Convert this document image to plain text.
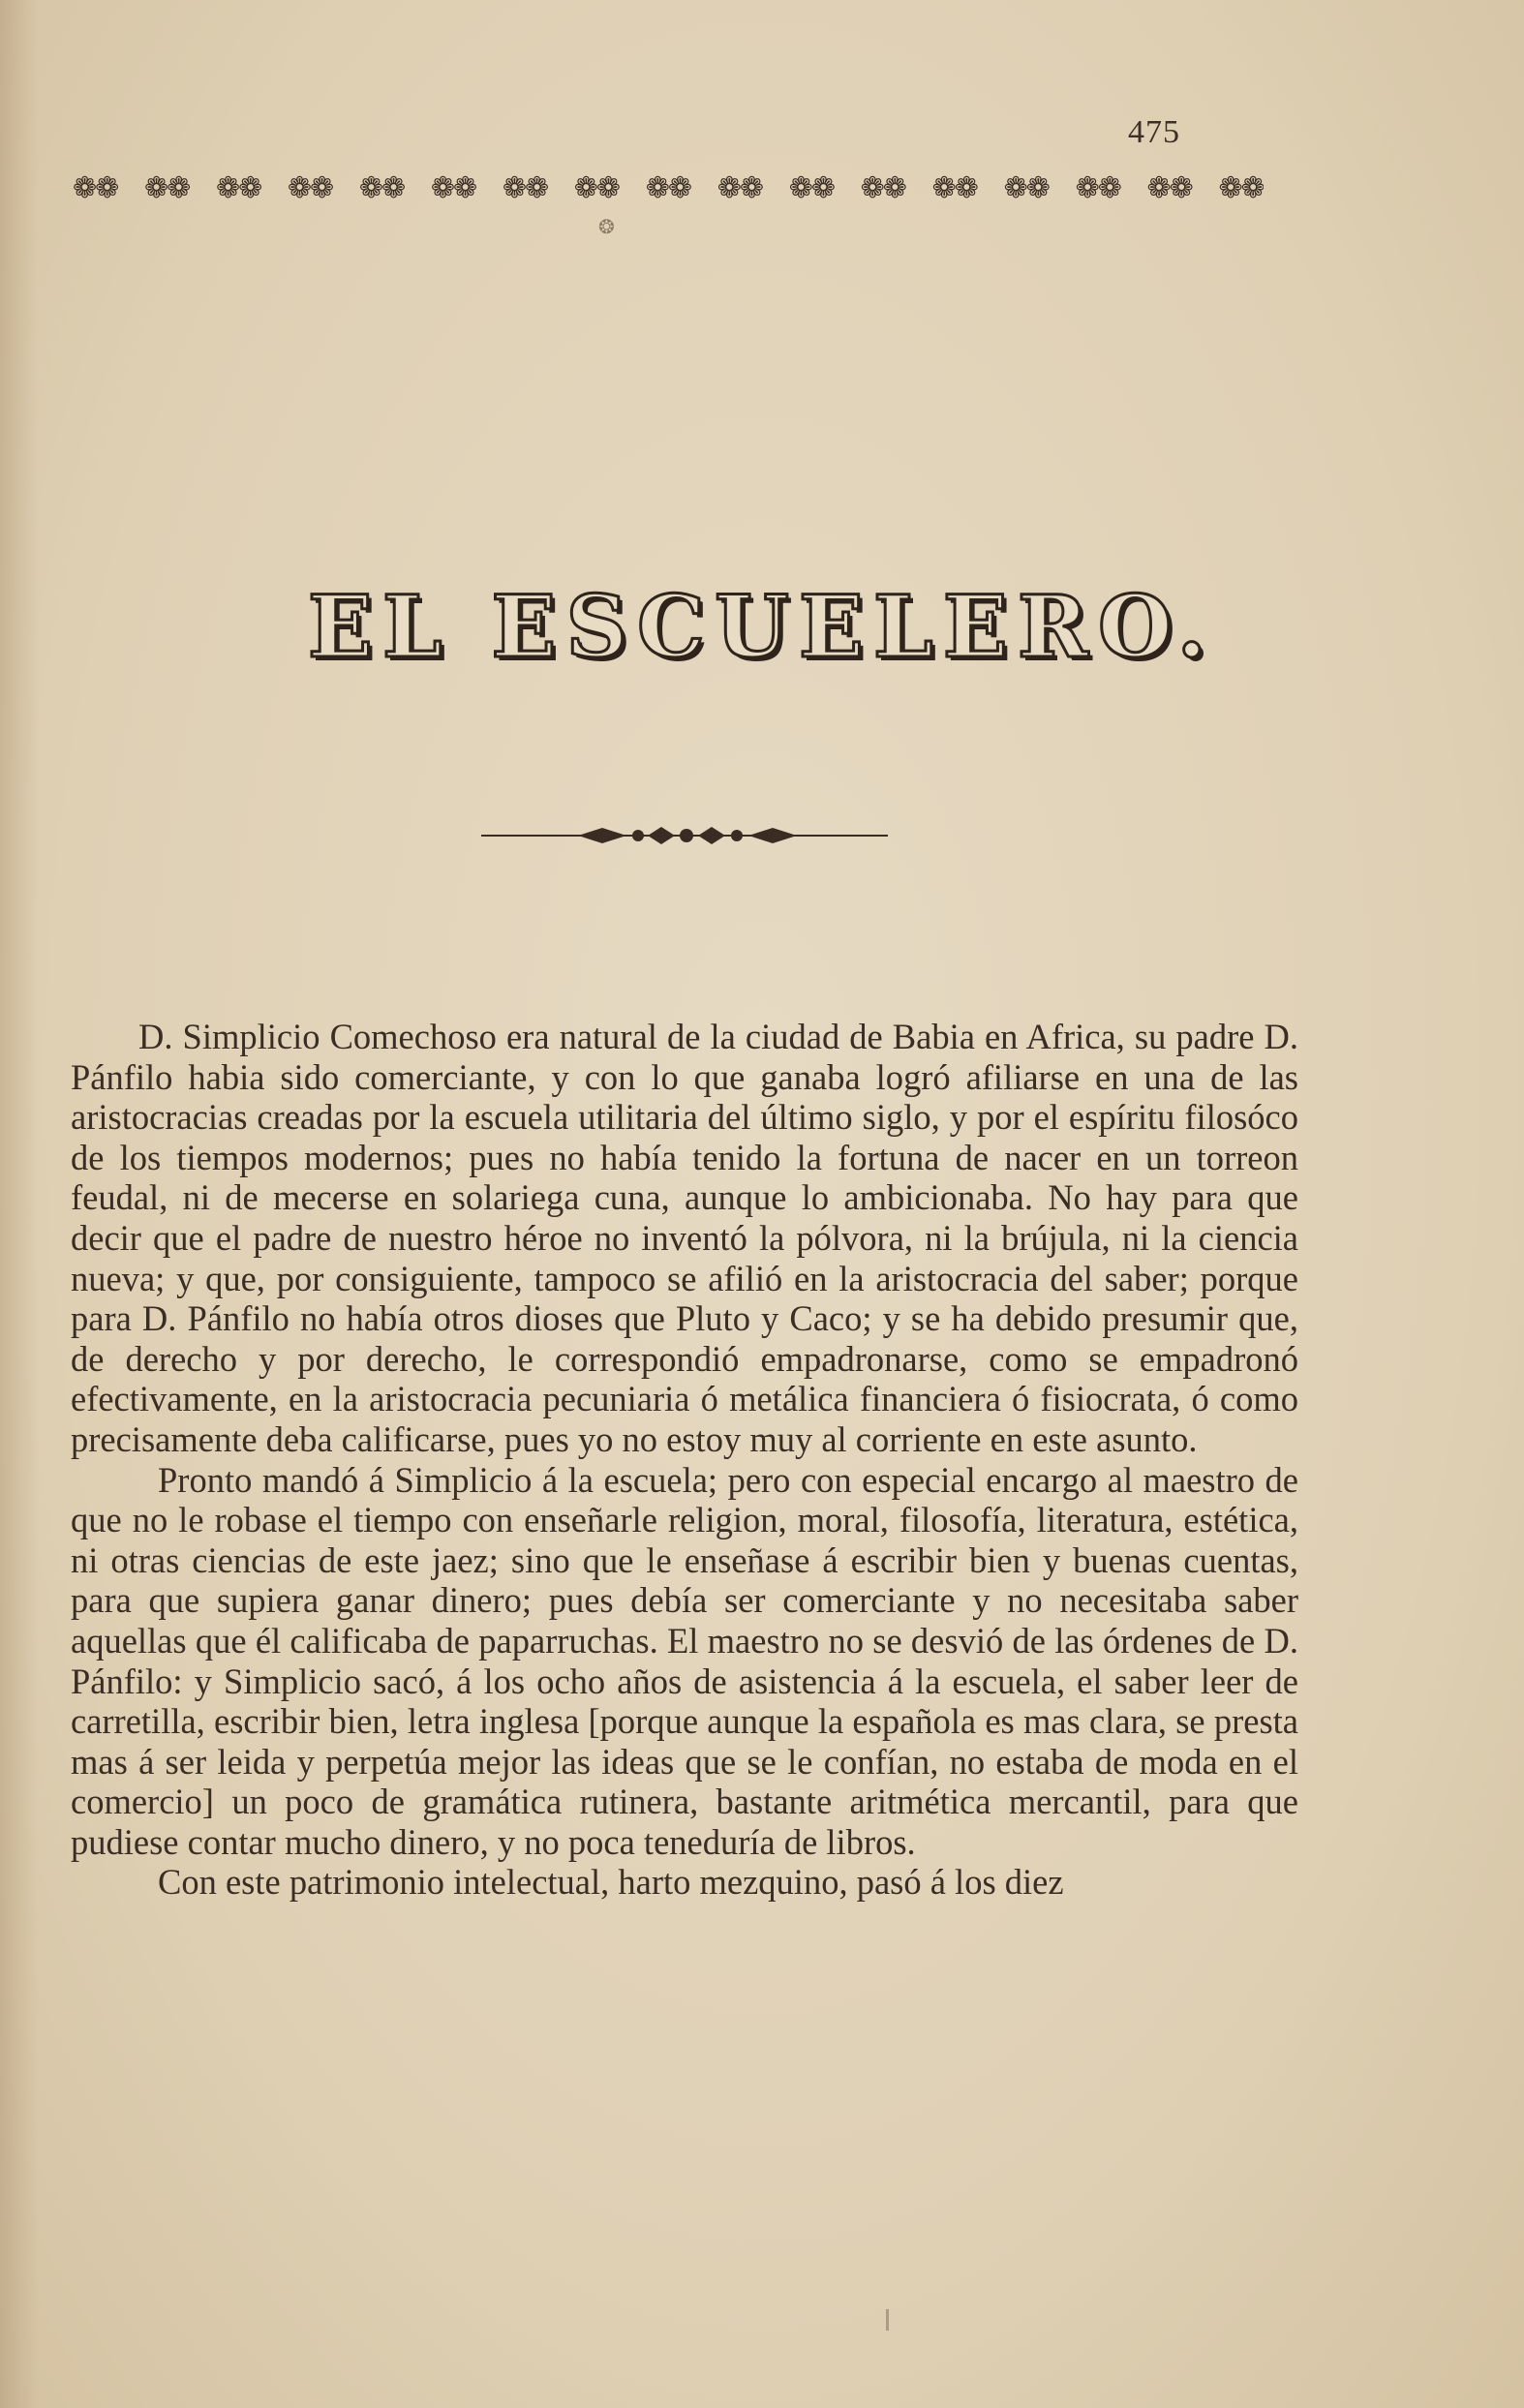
475
❁❁ ❁❁ ❁❁ ❁❁ ❁❁ ❁❁ ❁❁ ❁❁ ❁❁ ❁❁ ❁❁ ❁❁ ❁❁ ❁❁ ❁❁ ❁❁ ❁❁
❂
EL ESCUELERO.

D. Simplicio Comechoso era natural de la ciudad de Babia en Africa, su padre D. Pánfilo habia sido comerciante, y con lo que ganaba logró afiliarse en una de las aristocracias creadas por la escuela utilitaria del último siglo, y por el espíritu filosóco de los tiempos modernos; pues no había tenido la fortuna de nacer en un torreon feudal, ni de mecerse en solariega cuna, aunque lo ambicionaba. No hay para que decir que el padre de nuestro héroe no inventó la pólvora, ni la brújula, ni la ciencia nueva; y que, por consiguiente, tampoco se afilió en la aristocracia del saber; porque para D. Pánfilo no había otros dioses que Pluto y Caco; y se ha debido presumir que, de derecho y por derecho, le correspondió empadronarse, como se empadronó efectivamente, en la aristocracia pecuniaria ó metálica financiera ó fisiocrata, ó como precisamente deba calificarse, pues yo no estoy muy al corriente en este asunto.

Pronto mandó á Simplicio á la escuela; pero con especial encargo al maestro de que no le robase el tiempo con enseñarle religion, moral, filosofía, literatura, estética, ni otras ciencias de este jaez; sino que le enseñase á escribir bien y buenas cuentas, para que supiera ganar dinero; pues debía ser comerciante y no necesitaba saber aquellas que él calificaba de paparruchas. El maestro no se desvió de las órdenes de D. Pánfilo: y Simplicio sacó, á los ocho años de asistencia á la escuela, el saber leer de carretilla, escribir bien, letra inglesa [porque aunque la española es mas clara, se presta mas á ser leida y perpetúa mejor las ideas que se le confían, no estaba de moda en el comercio] un poco de gramática rutinera, bastante aritmética mercantil, para que pudiese contar mucho dinero, y no poca teneduría de libros.

Con este patrimonio intelectual, harto mezquino, pasó á los diez
